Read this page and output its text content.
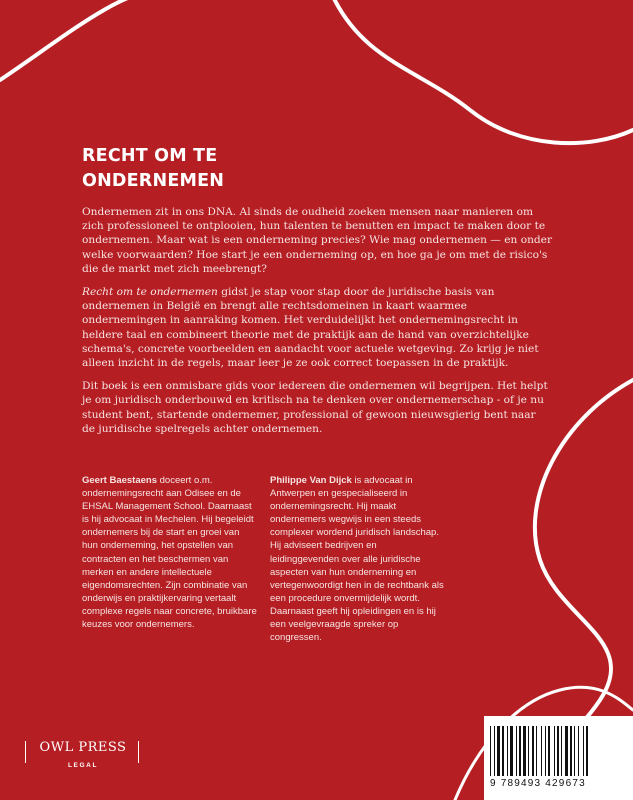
RECHT OM TE
ONDERNEMEN

Ondernemen zit in ons DNA. Al sinds de oudheid zoeken mensen naar manieren om zich professioneel te ontplooien, hun talenten te benutten en impact te maken door te ondernemen. Maar wat is een onderneming precies? Wie mag ondernemen — en onder welke voorwaarden? Hoe start je een onderneming op, en hoe ga je om met de risico's die de markt met zich meebrengt?

Recht om te ondernemen gidst je stap voor stap door de juridische basis van ondernemen in België en brengt alle rechtsdomeinen in kaart waarmee ondernemingen in aanraking komen. Het verduidelijkt het ondernemingsrecht in heldere taal en combineert theorie met de praktijk aan de hand van overzichtelijke schema's, concrete voorbeelden en aandacht voor actuele wetgeving. Zo krijg je niet alleen inzicht in de regels, maar leer je ze ook correct toepassen in de praktijk.

Dit boek is een onmisbare gids voor iedereen die ondernemen wil begrijpen. Het helpt je om juridisch onderbouwd en kritisch na te denken over ondernemerschap - of je nu student bent, startende ondernemer, professional of gewoon nieuwsgierig bent naar de juridische spelregels achter ondernemen.

Geert Baestaens doceert o.m. ondernemingsrecht aan Odisee en de EHSAL Management School. Daarnaast is hij advocaat in Mechelen. Hij begeleidt ondernemers bij de start en groei van hun onderneming, het opstellen van contracten en het beschermen van merken en andere intellectuele eigendomsrechten. Zijn combinatie van onderwijs en praktijkervaring vertaalt complexe regels naar concrete, bruikbare keuzes voor ondernemers.
Philippe Van Dijck is advocaat in Antwerpen en gespecialiseerd in ondernemingsrecht. Hij maakt ondernemers wegwijs in een steeds complexer wordend juridisch landschap. Hij adviseert bedrijven en leidinggevenden over alle juridische aspecten van hun onderneming en vertegenwoordigt hen in de rechtbank als een procedure onvermijdelijk wordt. Daarnaast geeft hij opleidingen en is hij een veelgevraagde spreker op congressen.
OWL PRESS
LEGAL
9 789493 429673
